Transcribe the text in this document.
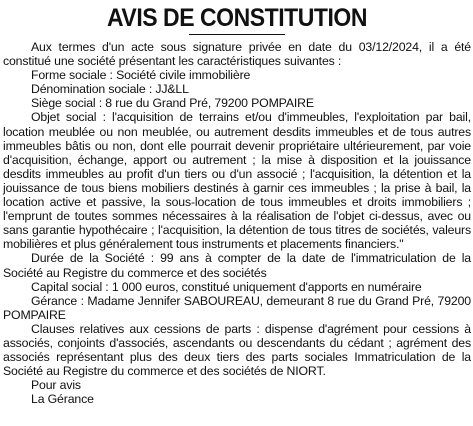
AVIS DE CONSTITUTION

Aux termes d'un acte sous signature privée en date du 03/12/2024, il a été constitué une société présentant les caractéristiques suivantes :

Forme sociale : Société civile immobilière

Dénomination sociale : JJ&LL

Siège social : 8 rue du Grand Pré, 79200 POMPAIRE

Objet social : l'acquisition de terrains et/ou d'immeubles, l'exploitation par bail, location meublée ou non meublée, ou autrement desdits immeubles et de tous autres immeubles bâtis ou non, dont elle pourrait devenir propriétaire ultérieurement, par voie d'acquisition, échange, apport ou autrement ; la mise à disposition et la jouissance desdits immeubles au profit d'un tiers ou d'un associé ; l'acquisition, la détention et la jouissance de tous biens mobiliers destinés à garnir ces immeubles ; la prise à bail, la location active et passive, la sous-location de tous immeubles et droits immobiliers ; l'emprunt de toutes sommes nécessaires à la réalisation de l'objet ci-dessus, avec ou sans garantie hypothécaire ; l'acquisition, la détention de tous titres de sociétés, valeurs mobilières et plus généralement tous instruments et placements financiers."

Durée de la Société : 99 ans à compter de la date de l'immatriculation de la Société au Registre du commerce et des sociétés

Capital social : 1 000 euros, constitué uniquement d'apports en numéraire

Gérance : Madame Jennifer SABOUREAU, demeurant 8 rue du Grand Pré, 79200 POMPAIRE

Clauses relatives aux cessions de parts : dispense d'agrément pour cessions à associés, conjoints d'associés, ascendants ou descendants du cédant ; agrément des associés représentant plus des deux tiers des parts sociales Immatriculation de la Société au Registre du commerce et des sociétés de NIORT.

Pour avis

La Gérance
